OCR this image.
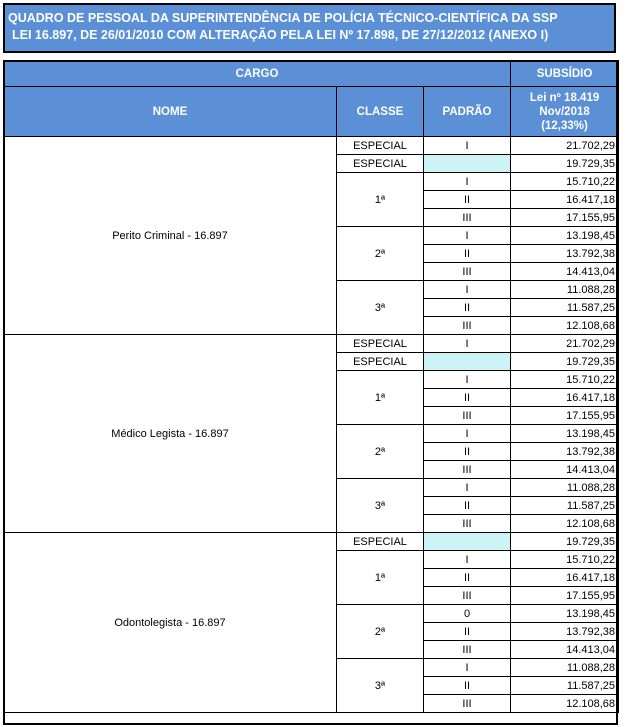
QUADRO DE PESSOAL DA SUPERINTENDÊNCIA DE POLÍCIA TÉCNICO-CIENTÍFICA DA SSP
LEI 16.897, DE 26/01/2010 COM ALTERAÇÃO PELA LEI Nº 17.898, DE 27/12/2012 (ANEXO I)
CARGO			SUBSÍDIO
NOME	CLASSE	PADRÃO	Lei nº 18.419
Nov/2018
(12,33%)

Perito Criminal - 16.897	ESPECIAL	I	21.702,29
	ESPECIAL		19.729,35
	1ª	I	15.710,22
		II	16.417,18
		III	17.155,95
	2ª	I	13.198,45
		II	13.792,38
		III	14.413,04
	3ª	I	11.088,28
		II	11.587,25
		III	12.108,68
Médico Legista - 16.897	ESPECIAL	I	21.702,29
	ESPECIAL		19.729,35
	1ª	I	15.710,22
		II	16.417,18
		III	17.155,95
	2ª	I	13.198,45
		II	13.792,38
		III	14.413,04
	3ª	I	11.088,28
		II	11.587,25
		III	12.108,68
Odontolegista - 16.897	ESPECIAL		19.729,35
	1ª	I	15.710,22
		II	16.417,18
		III	17.155,95
	2ª	0	13.198,45
		II	13.792,38
		III	14.413,04
	3ª	I	11.088,28
		II	11.587,25
		III	12.108,68
